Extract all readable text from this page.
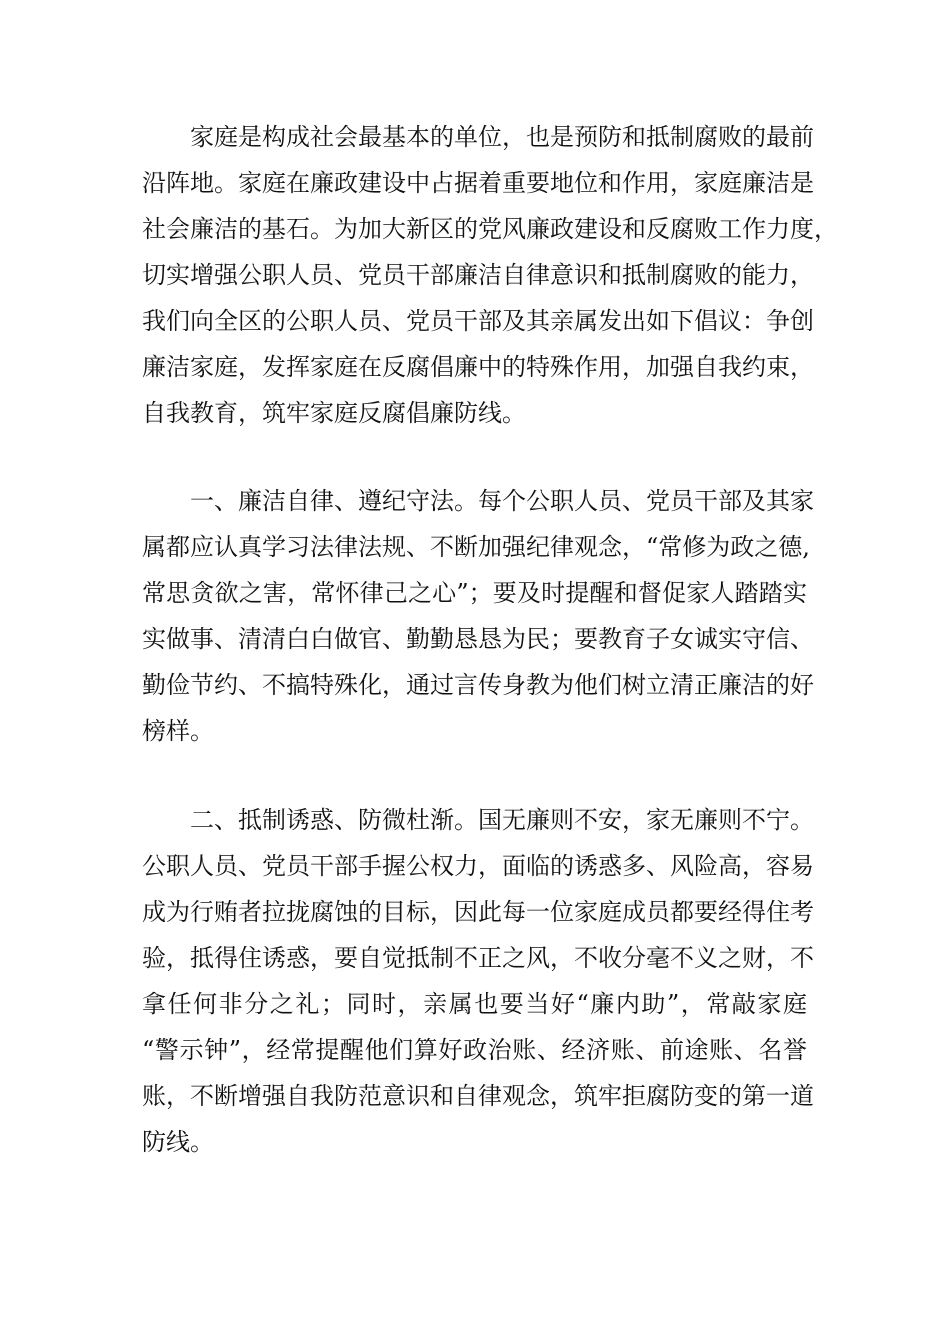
家庭是构成社会最基本的单位，也是预防和抵制腐败的最前
沿阵地。家庭在廉政建设中占据着重要地位和作用，家庭廉洁是
社会廉洁的基石。为加大新区的党风廉政建设和反腐败工作力度，
切实增强公职人员、党员干部廉洁自律意识和抵制腐败的能力，
我们向全区的公职人员、党员干部及其亲属发出如下倡议：争创
廉洁家庭，发挥家庭在反腐倡廉中的特殊作用，加强自我约束，
自我教育，筑牢家庭反腐倡廉防线。
一、廉洁自律、遵纪守法。每个公职人员、党员干部及其家
属都应认真学习法律法规、不断加强纪律观念，“常修为政之德,
常思贪欲之害，常怀律己之心”；要及时提醒和督促家人踏踏实
实做事、清清白白做官、勤勤恳恳为民；要教育子女诚实守信、
勤俭节约、不搞特殊化，通过言传身教为他们树立清正廉洁的好
榜样。
二、抵制诱惑、防微杜渐。国无廉则不安，家无廉则不宁。
公职人员、党员干部手握公权力，面临的诱惑多、风险高，容易
成为行贿者拉拢腐蚀的目标，因此每一位家庭成员都要经得住考
验，抵得住诱惑，要自觉抵制不正之风，不收分毫不义之财，不
拿任何非分之礼；同时，亲属也要当好“廉内助”，常敲家庭
“警示钟”，经常提醒他们算好政治账、经济账、前途账、名誉
账，不断增强自我防范意识和自律观念，筑牢拒腐防变的第一道
防线。
